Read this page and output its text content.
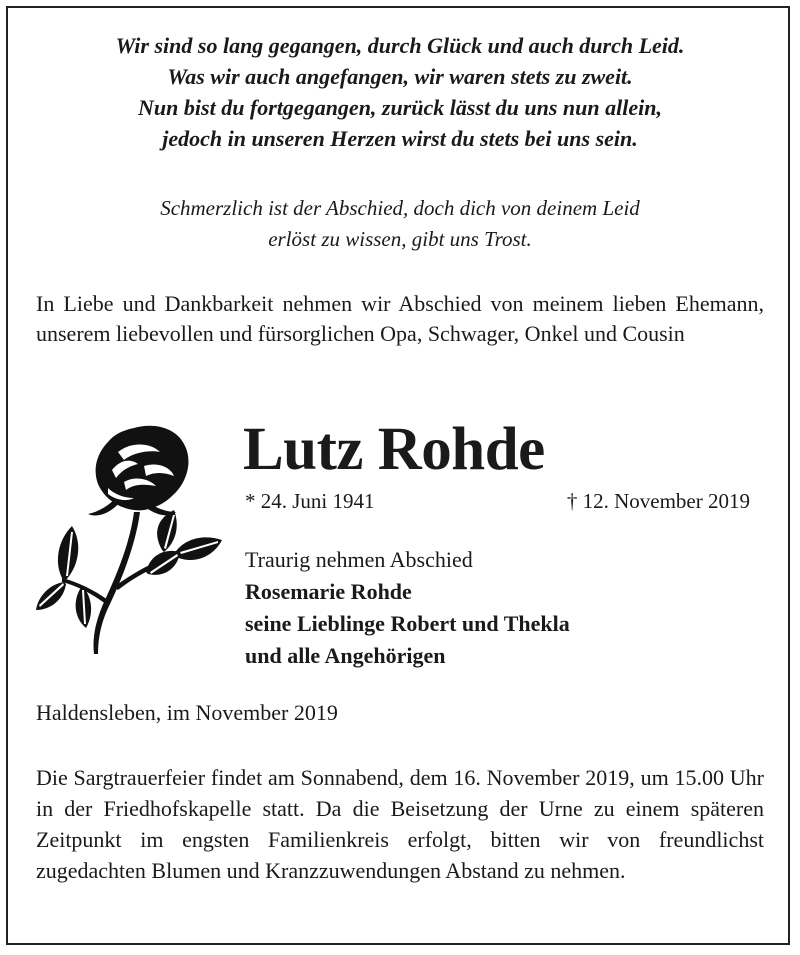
Wir sind so lang gegangen, durch Glück und auch durch Leid.
Was wir auch angefangen, wir waren stets zu zweit.
Nun bist du fortgegangen, zurück lässt du uns nun allein,
jedoch in unseren Herzen wirst du stets bei uns sein.
Schmerzlich ist der Abschied, doch dich von deinem Leid
erlöst zu wissen, gibt uns Trost.
In Liebe und Dankbarkeit nehmen wir Abschied von meinem lieben Ehemann, unserem liebevollen und fürsorglichen Opa, Schwager, Onkel und Cousin
Lutz Rohde
* 24. Juni 1941	† 12. November 2019
Traurig nehmen Abschied
Rosemarie Rohde
seine Lieblinge Robert und Thekla
und alle Angehörigen
Haldensleben, im November 2019
Die Sargtrauerfeier findet am Sonnabend, dem 16. November 2019, um 15.00 Uhr in der Friedhofskapelle statt. Da die Beisetzung der Urne zu einem späteren Zeitpunkt im engsten Familienkreis erfolgt, bitten wir von freundlichst zugedachten Blumen und Kranzzuwendungen Abstand zu nehmen.
